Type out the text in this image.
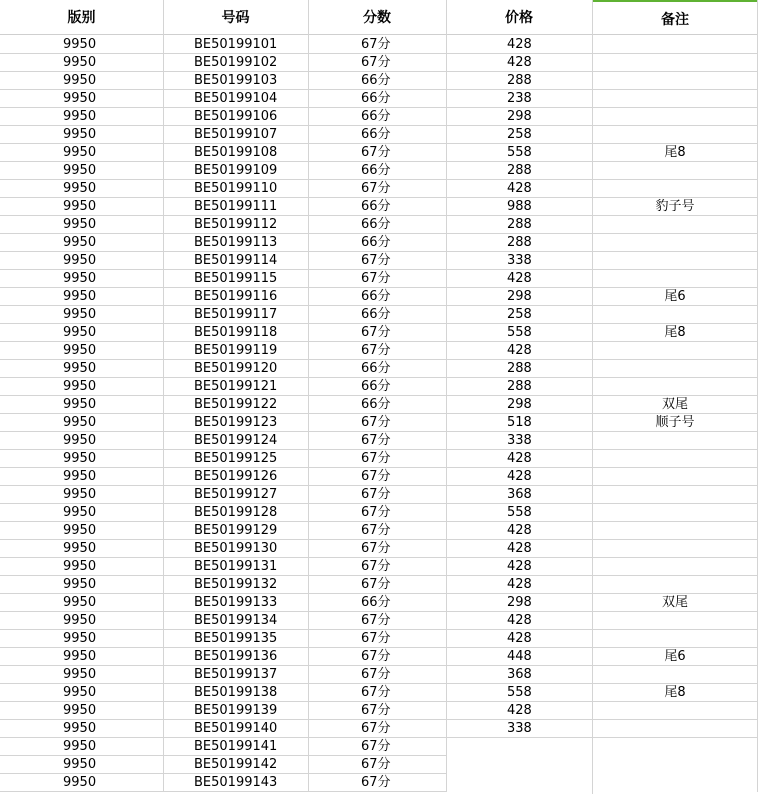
版别	号码	分数	价格	备注
9950	BE50199101	67分	428
9950	BE50199102	67分	428
9950	BE50199103	66分	288
9950	BE50199104	66分	238
9950	BE50199106	66分	298
9950	BE50199107	66分	258
9950	BE50199108	67分	558	尾8
9950	BE50199109	66分	288
9950	BE50199110	67分	428
9950	BE50199111	66分	988	豹子号
9950	BE50199112	66分	288
9950	BE50199113	66分	288
9950	BE50199114	67分	338
9950	BE50199115	67分	428
9950	BE50199116	66分	298	尾6
9950	BE50199117	66分	258
9950	BE50199118	67分	558	尾8
9950	BE50199119	67分	428
9950	BE50199120	66分	288
9950	BE50199121	66分	288
9950	BE50199122	66分	298	双尾
9950	BE50199123	67分	518	顺子号
9950	BE50199124	67分	338
9950	BE50199125	67分	428
9950	BE50199126	67分	428
9950	BE50199127	67分	368
9950	BE50199128	67分	558
9950	BE50199129	67分	428
9950	BE50199130	67分	428
9950	BE50199131	67分	428
9950	BE50199132	67分	428
9950	BE50199133	66分	298	双尾
9950	BE50199134	67分	428
9950	BE50199135	67分	428
9950	BE50199136	67分	448	尾6
9950	BE50199137	67分	368
9950	BE50199138	67分	558	尾8
9950	BE50199139	67分	428
9950	BE50199140	67分	338
9950	BE50199141	67分
9950	BE50199142	67分
9950	BE50199143	67分
